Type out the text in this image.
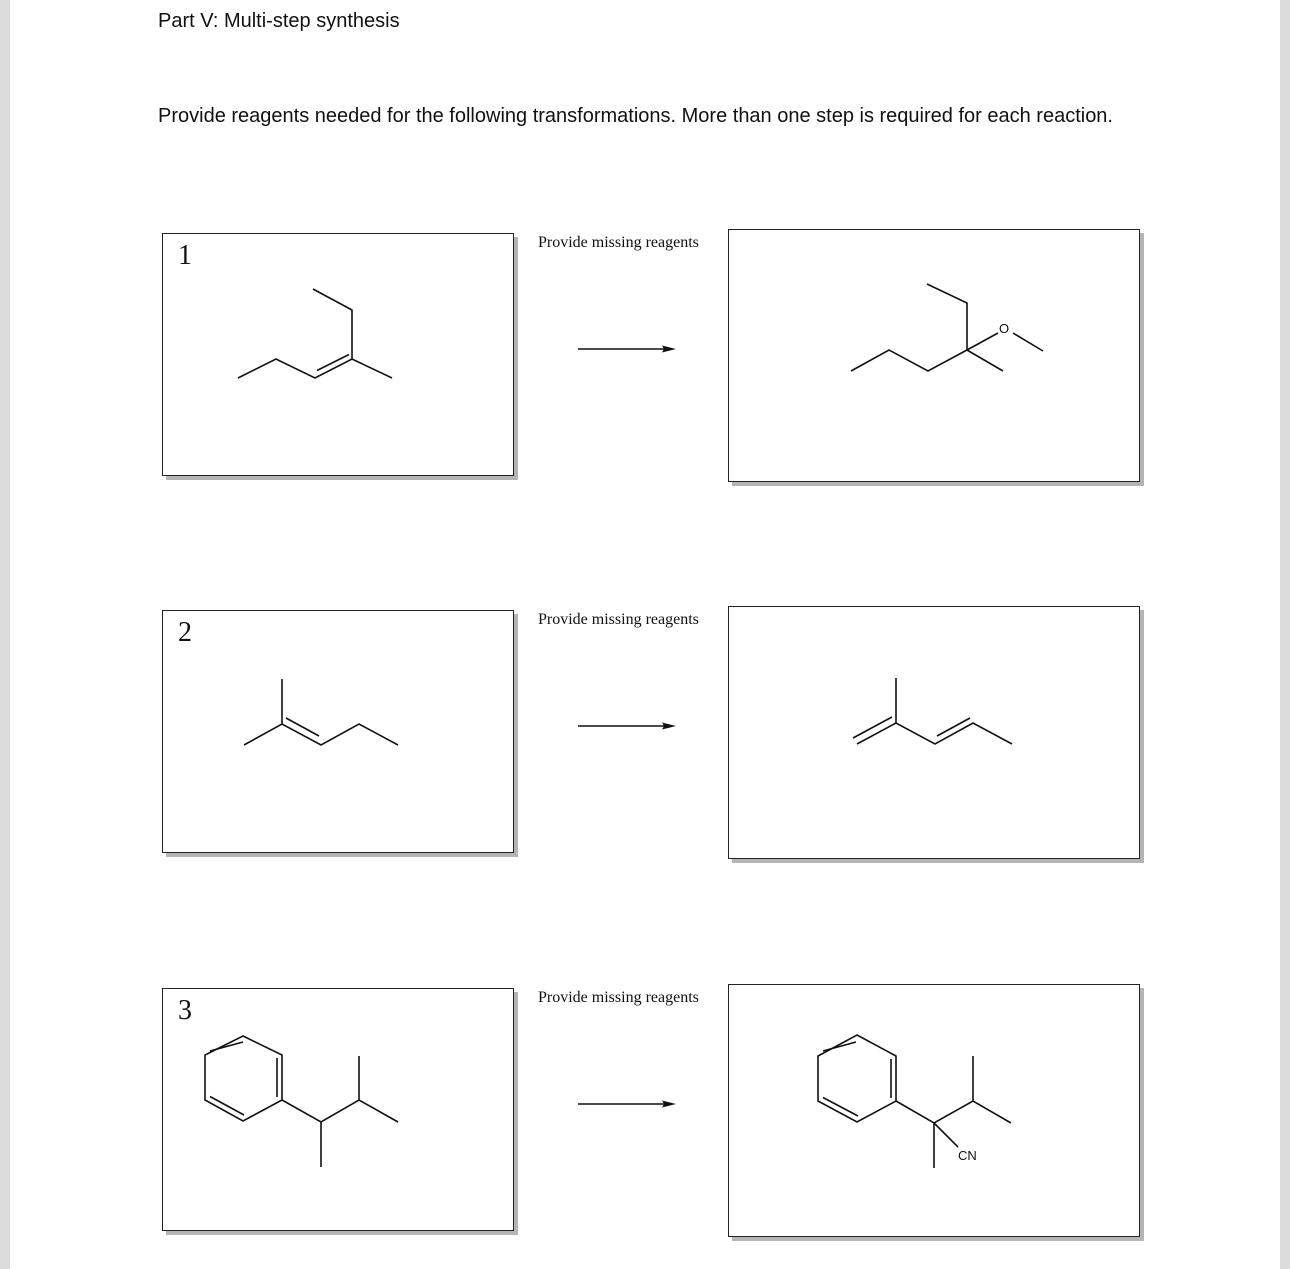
Part V: Multi-step synthesis

Provide reagents needed for the following transformations. More than one step is required for each reaction.

1	Provide missing reagents
O
2	Provide missing reagents
3	Provide missing reagents
CN
